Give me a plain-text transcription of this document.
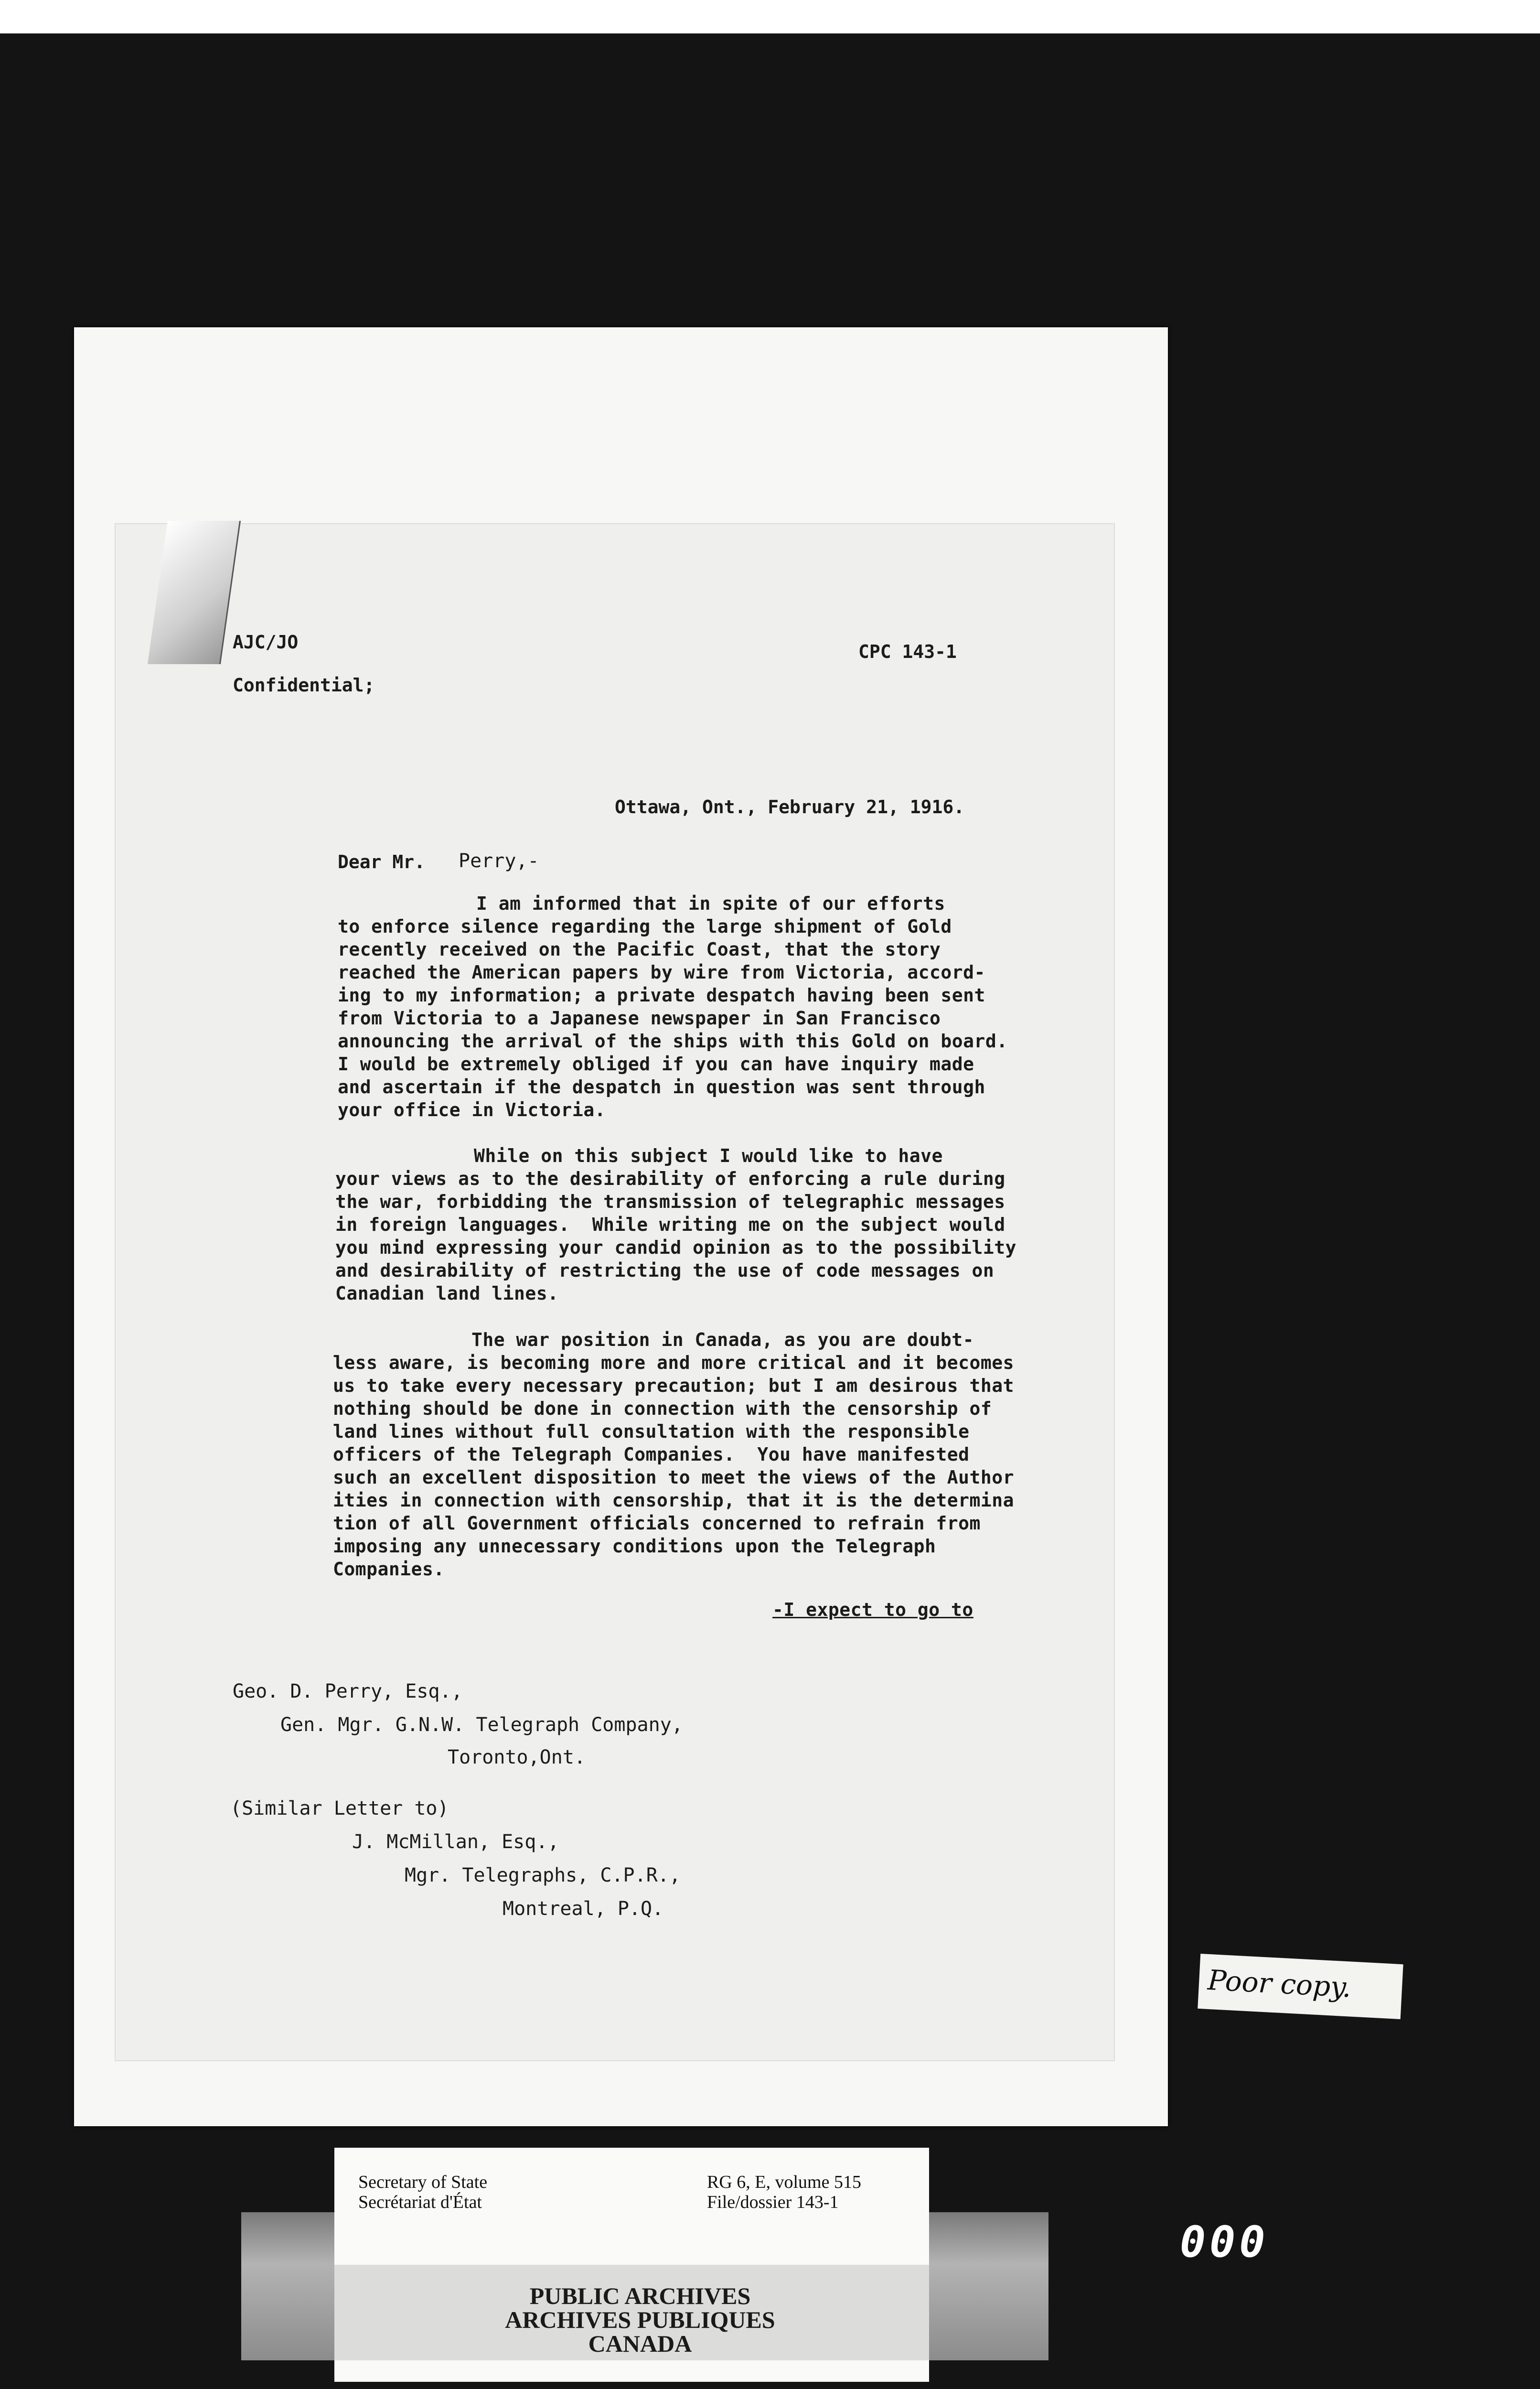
AJC/JO	CPC 143-1
Confidential;
Ottawa, Ont., February 21, 1916.
Dear Mr. Perry,-
I am informed that in spite of our efforts
to enforce silence regarding the large shipment of Gold
recently received on the Pacific Coast, that the story
reached the American papers by wire from Victoria, accord-
ing to my information; a private despatch having been sent
from Victoria to a Japanese newspaper in San Francisco
announcing the arrival of the ships with this Gold on board.
I would be extremely obliged if you can have inquiry made
and ascertain if the despatch in question was sent through
your office in Victoria.
While on this subject I would like to have
your views as to the desirability of enforcing a rule during
the war, forbidding the transmission of telegraphic messages
in foreign languages.  While writing me on the subject would
you mind expressing your candid opinion as to the possibility
and desirability of restricting the use of code messages on
Canadian land lines.
The war position in Canada, as you are doubt-
less aware, is becoming more and more critical and it becomes
us to take every necessary precaution; but I am desirous that
nothing should be done in connection with the censorship of
land lines without full consultation with the responsible
officers of the Telegraph Companies.  You have manifested
such an excellent disposition to meet the views of the Author
ities in connection with censorship, that it is the determina
tion of all Government officials concerned to refrain from
imposing any unnecessary conditions upon the Telegraph
Companies.
-I expect to go to
Geo. D. Perry, Esq.,
Gen. Mgr. G.N.W. Telegraph Company,
Toronto,Ont.
(Similar Letter to)
J. McMillan, Esq.,
Mgr. Telegraphs, C.P.R.,
Montreal, P.Q.
Poor copy.
Secretary of State
Secrétariat d'État
RG 6, E, volume 515
File/dossier 143-1
PUBLIC ARCHIVES
ARCHIVES PUBLIQUES
CANADA
000
